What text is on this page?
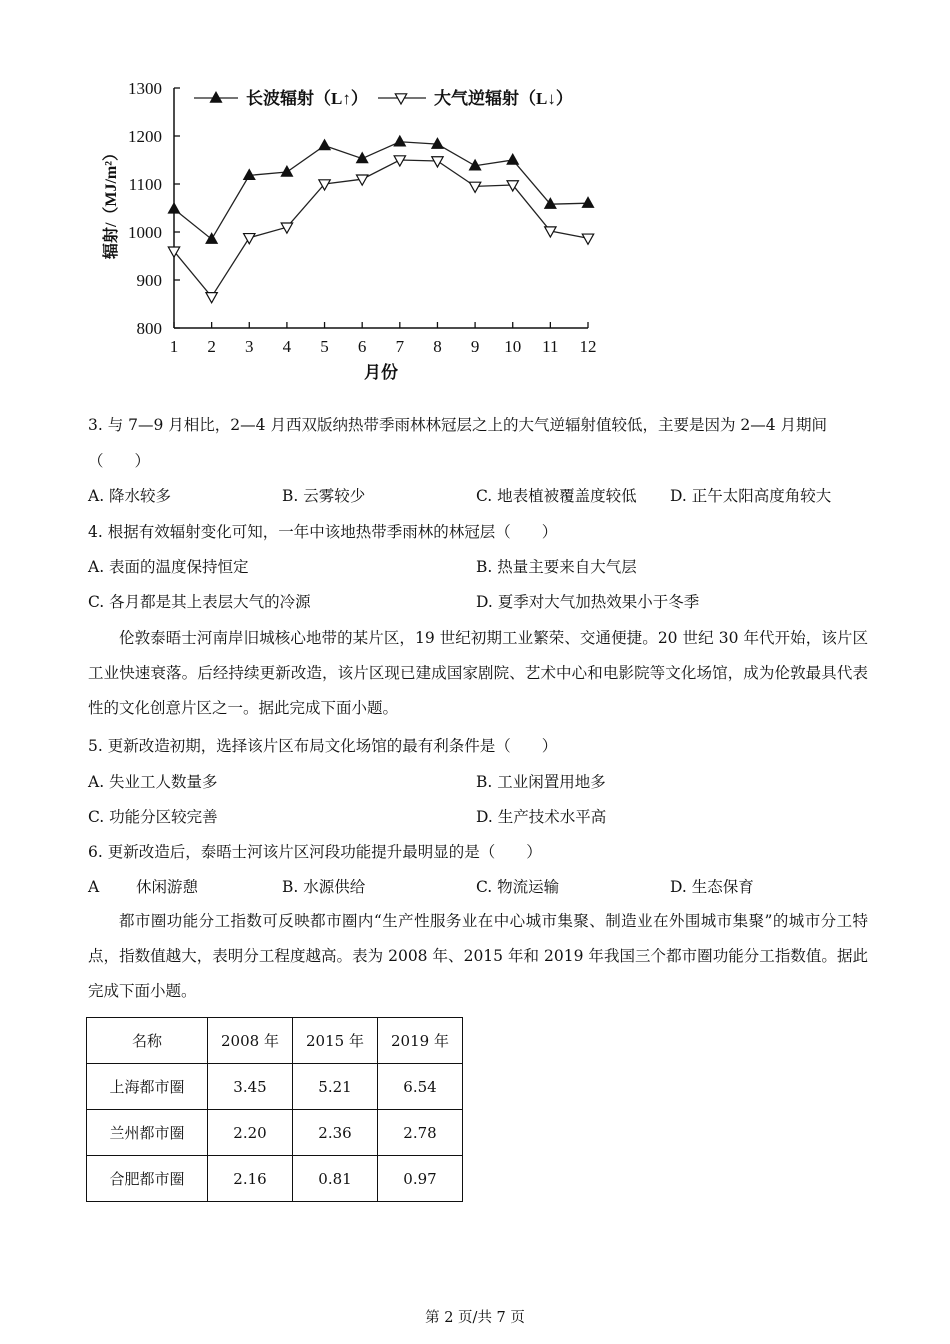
800
900
1000
1100
1200
1300
1 2 3 4 5 6 7 8 9 10 11 12
月份
辐射/（MJ/m²）
长波辐射（L↑）	大气逆辐射（L↓）
3. 与 7—9 月相比，2—4 月西双版纳热带季雨林林冠层之上的大气逆辐射值较低，主要是因为 2—4 月期间
（　　）
A. 降水较多	B. 云雾较少	C. 地表植被覆盖度较低 D. 正午太阳高度角较大
4. 根据有效辐射变化可知，一年中该地热带季雨林的林冠层（　　）
A. 表面的温度保持恒定	B. 热量主要来自大气层
C. 各月都是其上表层大气的冷源	D. 夏季对大气加热效果小于冬季

伦敦泰晤士河南岸旧城核心地带的某片区，19 世纪初期工业繁荣、交通便捷。20 世纪 30 年代开始，该片区工业快速衰落。后经持续更新改造，该片区现已建成国家剧院、艺术中心和电影院等文化场馆，成为伦敦最具代表性的文化创意片区之一。据此完成下面小题。

5. 更新改造初期，选择该片区布局文化场馆的最有利条件是（　　）
A. 失业工人数量多	B. 工业闲置用地多
C. 功能分区较完善	D. 生产技术水平高
6. 更新改造后，泰晤士河该片区河段功能提升最明显的是（　　）
A 休闲游憩	B. 水源供给	C. 物流运输	D. 生态保育

都市圈功能分工指数可反映都市圈内“生产性服务业在中心城市集聚、制造业在外围城市集聚”的城市分工特点，指数值越大，表明分工程度越高。表为 2008 年、2015 年和 2019 年我国三个都市圈功能分工指数值。据此完成下面小题。

名称	2008 年	2015 年	2019 年
上海都市圈	3.45	5.21	6.54
兰州都市圈	2.20	2.36	2.78
合肥都市圈	2.16	0.81	0.97
第 2 页/共 7 页
